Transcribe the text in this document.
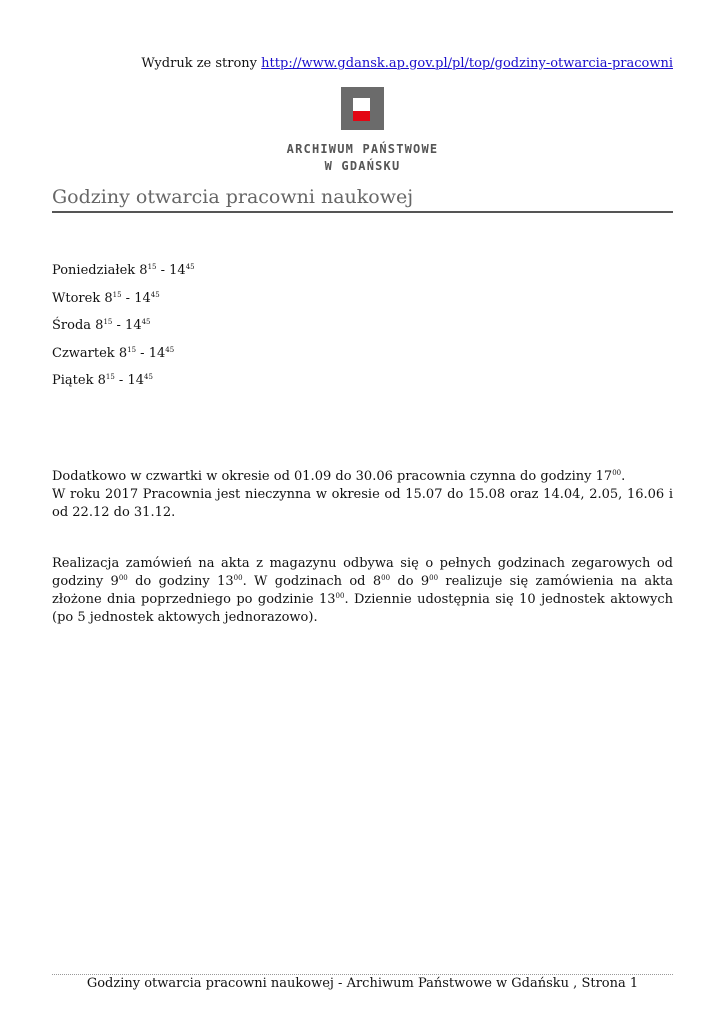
Wydruk ze strony http://www.gdansk.ap.gov.pl/pl/top/godziny-otwarcia-pracowni
ARCHIWUM PAŃSTWOWE
W GDAŃSKU
Godziny otwarcia pracowni naukowej
Poniedziałek $8^{15} - 14^{45}$
Wtorek $8^{15} - 14^{45}$
Środa $8^{15} - 14^{45}$
Czwartek $8^{15} - 14^{45}$
Piątek $8^{15} - 14^{45}$

Dodatkowo w czwartki w okresie od 01.09 do 30.06 pracownia czynna do godziny $17^{00}$.

W roku 2017 Pracownia jest nieczynna w okresie od 15.07 do 15.08 oraz 14.04, 2.05, 16.06 i od 22.12 do 31.12.

Realizacja zamówień na akta z magazynu odbywa się o pełnych godzinach zegarowych od godziny $9^{00}$ do godziny $13^{00}$. W godzinach od $8^{00}$ do $9^{00}$ realizuje się zamówienia na akta złożone dnia poprzedniego po godzinie $13^{00}$. Dziennie udostępnia się 10 jednostek aktowych (po 5 jednostek aktowych jednorazowo).

Godziny otwarcia pracowni naukowej - Archiwum Państwowe w Gdańsku , Strona 1
